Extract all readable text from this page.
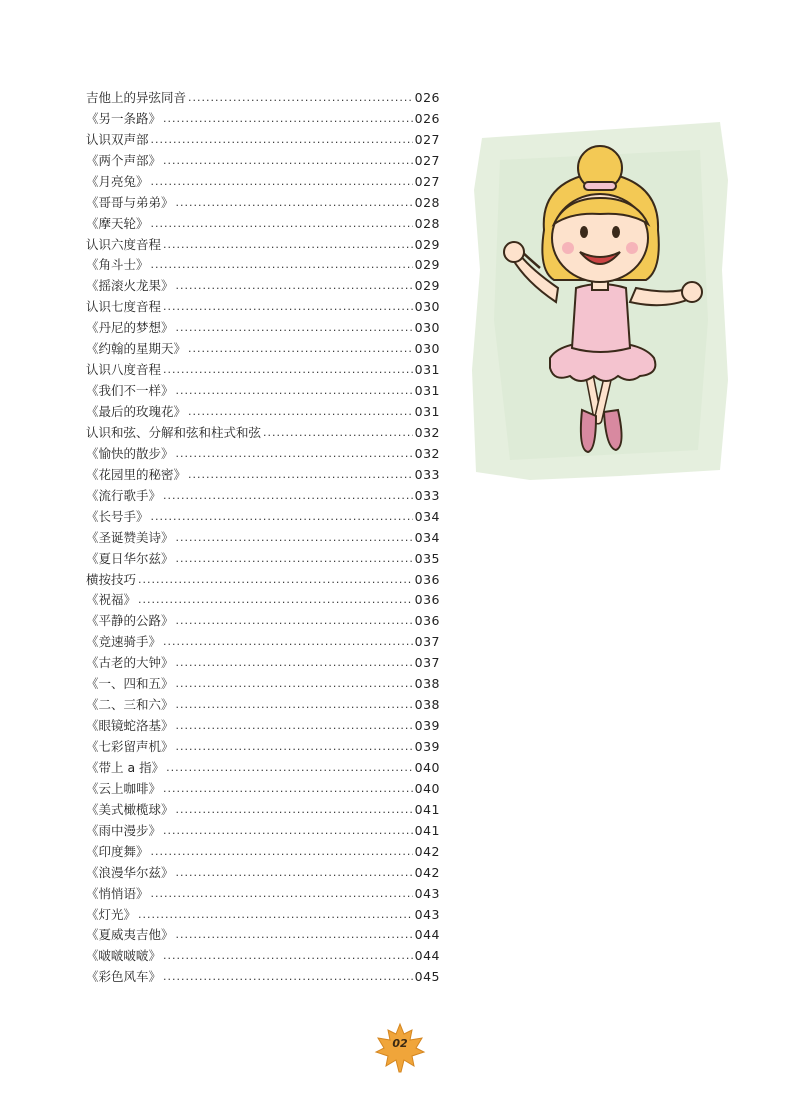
吉他上的异弦同音 .....	026
《另一条路》 .....	026
认识双声部 .....	027
《两个声部》 .....	027
《月亮兔》 .....	027
《哥哥与弟弟》 .....	028
《摩天轮》 .....	028
认识六度音程 .....	029
《角斗士》 .....	029
《摇滚火龙果》 .....	029
认识七度音程 .....	030
《丹尼的梦想》 .....	030
《约翰的星期天》 .....	030
认识八度音程 .....	031
《我们不一样》 .....	031
《最后的玫瑰花》 .....	031
认识和弦、分解和弦和柱式和弦 .....	032
《愉快的散步》 .....	032
《花园里的秘密》 .....	033
《流行歌手》 .....	033
《长号手》 .....	034
《圣诞赞美诗》 .....	034
《夏日华尔兹》 .....	035
横按技巧 .....	036
《祝福》 .....	036
《平静的公路》 .....	036
《竞速骑手》 .....	037
《古老的大钟》 .....	037
《一、四和五》 .....	038
《二、三和六》 .....	038
《眼镜蛇洛基》 .....	039
《七彩留声机》 .....	039
《带上 a 指》 .....	040
《云上咖啡》 .....	040
《美式橄榄球》 .....	041
《雨中漫步》 .....	041
《印度舞》 .....	042
《浪漫华尔兹》 .....	042
《悄悄语》 .....	043
《灯光》 .....	043
《夏威夷吉他》 .....	044
《啵啵啵啵》 .....	044
《彩色风车》 .....	045
02
